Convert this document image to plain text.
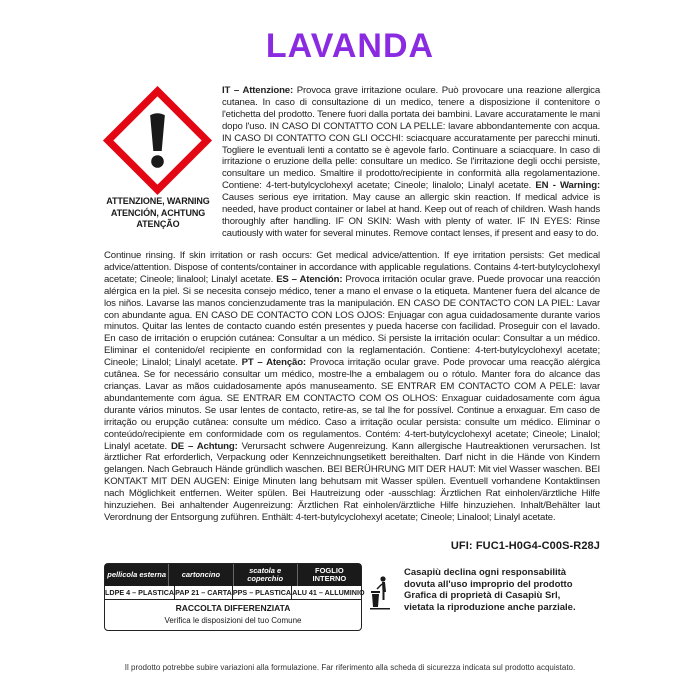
LAVANDA
ATTENZIONE, WARNING
ATENCIÓN, ACHTUNG
ATENÇÃO
IT – Attenzione: Provoca grave irritazione oculare. Può provocare una reazione allergica cutanea. In caso di consultazione di un medico, tenere a disposizione il contenitore o l'etichetta del prodotto. Tenere fuori dalla portata dei bambini. Lavare accuratamente le mani dopo l'uso. IN CASO DI CONTATTO CON LA PELLE: lavare abbondantemente con acqua. IN CASO DI CONTATTO CON GLI OCCHI: sciacquare accuratamente per parecchi minuti. Togliere le eventuali lenti a contatto se è agevole farlo. Continuare a sciacquare. In caso di irritazione o eruzione della pelle: consultare un medico. Se l'irritazione degli occhi persiste, consultare un medico. Smaltire il prodotto/recipiente in conformità alla regolamentazione. Contiene: 4-tert-butylcyclohexyl acetate; Cineole; linalolo; Linalyl acetate. EN - Warning: Causes serious eye irritation. May cause an allergic skin reaction. If medical advice is needed, have product container or label at hand. Keep out of reach of children. Wash hands thoroughly after handling. IF ON SKIN: Wash with plenty of water. IF IN EYES: Rinse cautiously with water for several minutes. Remove contact lenses, if present and easy to do.
Continue rinsing. If skin irritation or rash occurs: Get medical advice/attention. If eye irritation persists: Get medical advice/attention. Dispose of contents/container in accordance with applicable regulations. Contains 4-tert-butylcyclohexyl acetate; Cineole; linalool; Linalyl acetate. ES – Atención: Provoca irritación ocular grave. Puede provocar una reacción alérgica en la piel. Si se necesita consejo médico, tener a mano el envase o la etiqueta. Mantener fuera del alcance de los niños. Lavarse las manos concienzudamente tras la manipulación. EN CASO DE CONTACTO CON LA PIEL: Lavar con abundante agua. EN CASO DE CONTACTO CON LOS OJOS: Enjuagar con agua cuidadosamente durante varios minutos. Quitar las lentes de contacto cuando estén presentes y pueda hacerse con facilidad. Proseguir con el lavado. En caso de irritación o erupción cutánea: Consultar a un médico. Si persiste la irritación ocular: Consultar a un médico. Eliminar el contenido/el recipiente en conformidad con la reglamentación. Contiene: 4-tert-butylcyclohexyl acetate; Cineole; Linalol; Linalyl acetate. PT – Atenção: Provoca irritação ocular grave. Pode provocar uma reacção alérgica cutânea. Se for necessário consultar um médico, mostre-lhe a embalagem ou o rótulo. Manter fora do alcance das crianças. Lavar as mãos cuidadosamente após manuseamento. SE ENTRAR EM CONTACTO COM A PELE: lavar abundantemente com água. SE ENTRAR EM CONTACTO COM OS OLHOS: Enxaguar cuidadosamente com água durante vários minutos. Se usar lentes de contacto, retire-as, se tal lhe for possível. Continue a enxaguar. Em caso de irritação ou erupção cutânea: consulte um médico. Caso a irritação ocular persista: consulte um médico. Eliminar o conteúdo/recipiente em conformidade com os regulamentos. Contém: 4-tert-butylcyclohexyl acetate; Cineole; Linalol; Linalyl acetate. DE – Achtung: Verursacht schwere Augenreizung. Kann allergische Hautreaktionen verursachen. Ist ärztlicher Rat erforderlich, Verpackung oder Kennzeichnungsetikett bereithalten. Darf nicht in die Hände von Kindern gelangen. Nach Gebrauch Hände gründlich waschen. BEI BERÜHRUNG MIT DER HAUT: Mit viel Wasser waschen. BEI KONTAKT MIT DEN AUGEN: Einige Minuten lang behutsam mit Wasser spülen. Eventuell vorhandene Kontaktlinsen nach Möglichkeit entfernen. Weiter spülen. Bei Hautreizung oder -ausschlag: Ärztlichen Rat einholen/ärztliche Hilfe hinzuziehen. Bei anhaltender Augenreizung: Ärztlichen Rat einholen/ärztliche Hilfe hinzuziehen. Inhalt/Behälter laut Verordnung der Entsorgung zuführen. Enthält: 4-tert-butylcyclohexyl acetate; Cineole; Linalool; Linalyl acetate.
UFI: FUC1-H0G4-C00S-R28J
pellicola esterna	cartoncino	scatola e coperchio
FOGLIO INTERNO
LDPE 4 – PLASTICA PAP 21 – CARTA PPS – PLASTICA ALU 41 – ALLUMINIO
RACCOLTA DIFFERENZIATA
Verifica le disposizioni del tuo Comune
Casapiù declina ogni responsabilità
dovuta all'uso improprio del prodotto
Grafica di proprietà di Casapiù Srl,
vietata la riproduzione anche parziale.
Il prodotto potrebbe subire variazioni alla formulazione. Far riferimento alla scheda di sicurezza indicata sul prodotto acquistato.
